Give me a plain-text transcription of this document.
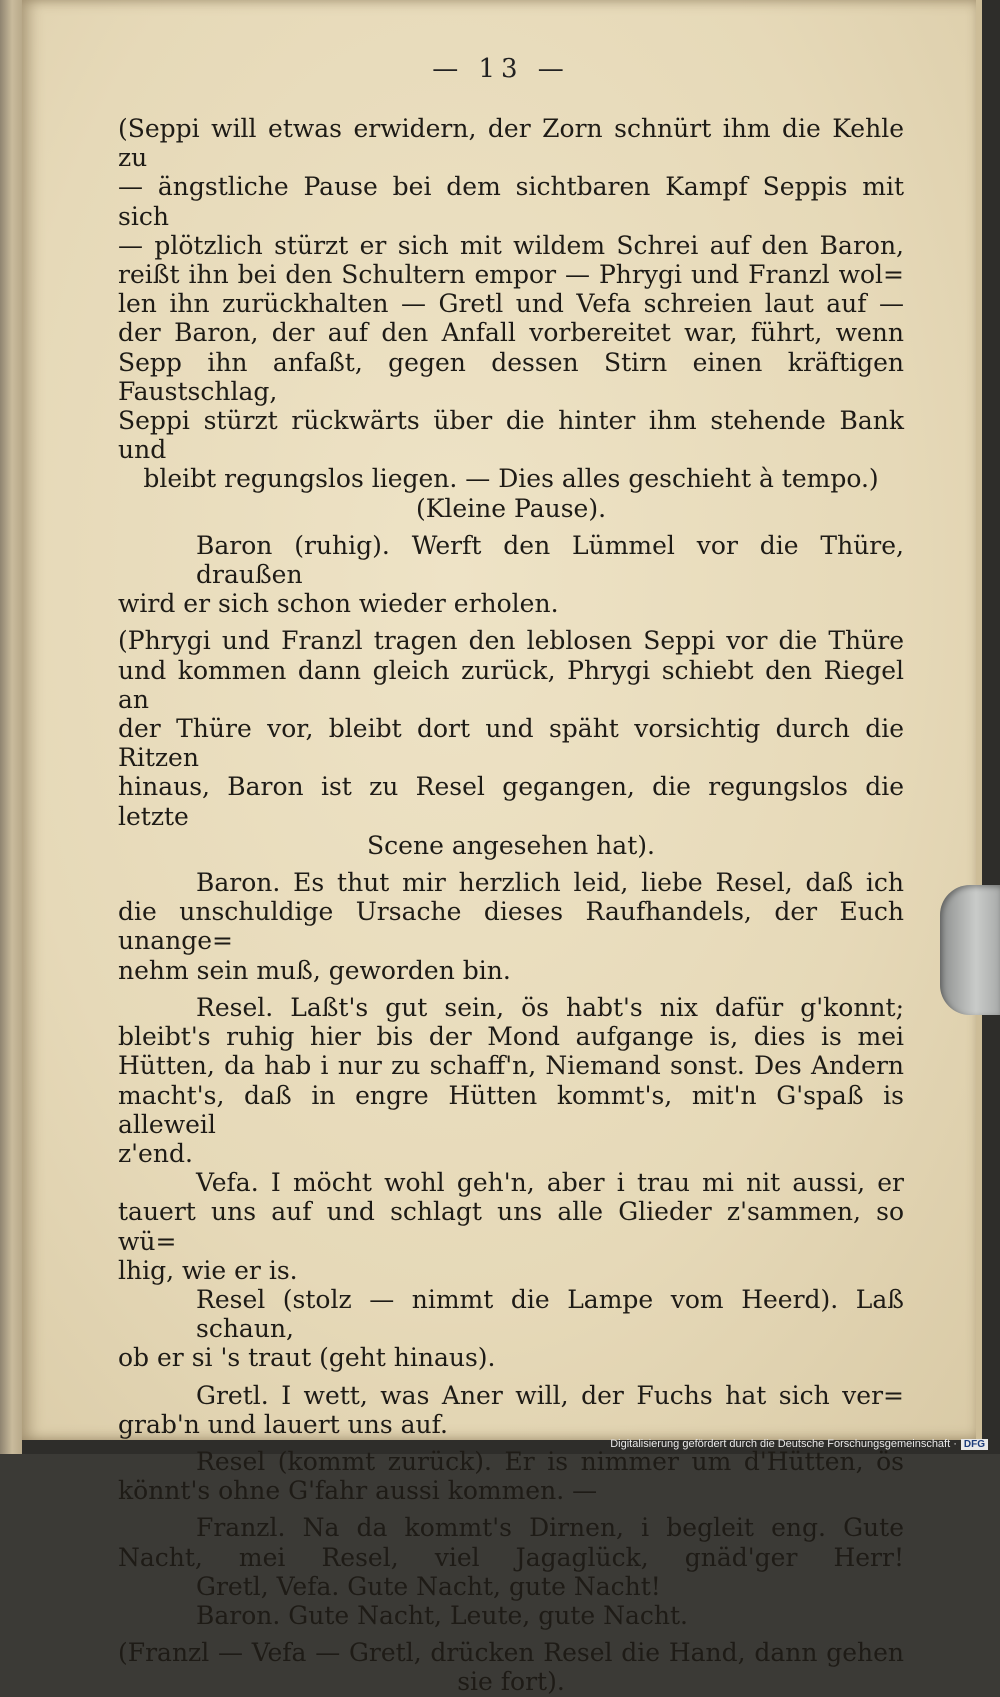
— 13 —

(Seppi will etwas erwidern, der Zorn schnürt ihm die Kehle zu

— ängstliche Pause bei dem sichtbaren Kampf Seppis mit sich

— plötzlich stürzt er sich mit wildem Schrei auf den Baron,

reißt ihn bei den Schultern empor — Phrygi und Franzl wol=

len ihn zurückhalten — Gretl und Vefa schreien laut auf —

der Baron, der auf den Anfall vorbereitet war, führt, wenn

Sepp ihn anfaßt, gegen dessen Stirn einen kräftigen Faustschlag,

Seppi stürzt rückwärts über die hinter ihm stehende Bank und

bleibt regungslos liegen. — Dies alles geschieht à tempo.)

(Kleine Pause).

Baron (ruhig). Werft den Lümmel vor die Thüre, draußen

wird er sich schon wieder erholen.

(Phrygi und Franzl tragen den leblosen Seppi vor die Thüre

und kommen dann gleich zurück, Phrygi schiebt den Riegel an

der Thüre vor, bleibt dort und späht vorsichtig durch die Ritzen

hinaus, Baron ist zu Resel gegangen, die regungslos die letzte

Scene angesehen hat).

Baron. Es thut mir herzlich leid, liebe Resel, daß ich

die unschuldige Ursache dieses Raufhandels, der Euch unange=

nehm sein muß, geworden bin.

Resel. Laßt's gut sein, ös habt's nix dafür g'konnt;

bleibt's ruhig hier bis der Mond aufgange is, dies is mei

Hütten, da hab i nur zu schaff'n, Niemand sonst. Des Andern

macht's, daß in engre Hütten kommt's, mit'n G'spaß is alleweil

z'end.

Vefa. I möcht wohl geh'n, aber i trau mi nit aussi, er

tauert uns auf und schlagt uns alle Glieder z'sammen, so wü=

lhig, wie er is.

Resel (stolz — nimmt die Lampe vom Heerd). Laß schaun,

ob er si 's traut (geht hinaus).

Gretl. I wett, was Aner will, der Fuchs hat sich ver=

grab'n und lauert uns auf.

Resel (kommt zurück). Er is nimmer um d'Hütten, ös

könnt's ohne G'fahr aussi kommen. —

Franzl. Na da kommt's Dirnen, i begleit eng. Gute

Nacht, mei Resel, viel Jagaglück, gnäd'ger Herr!

Gretl, Vefa. Gute Nacht, gute Nacht!

Baron. Gute Nacht, Leute, gute Nacht.

(Franzl — Vefa — Gretl, drücken Resel die Hand, dann gehen

sie fort).

Digitalisierung gefördert durch die Deutsche Forschungsgemeinschaft · DFG
